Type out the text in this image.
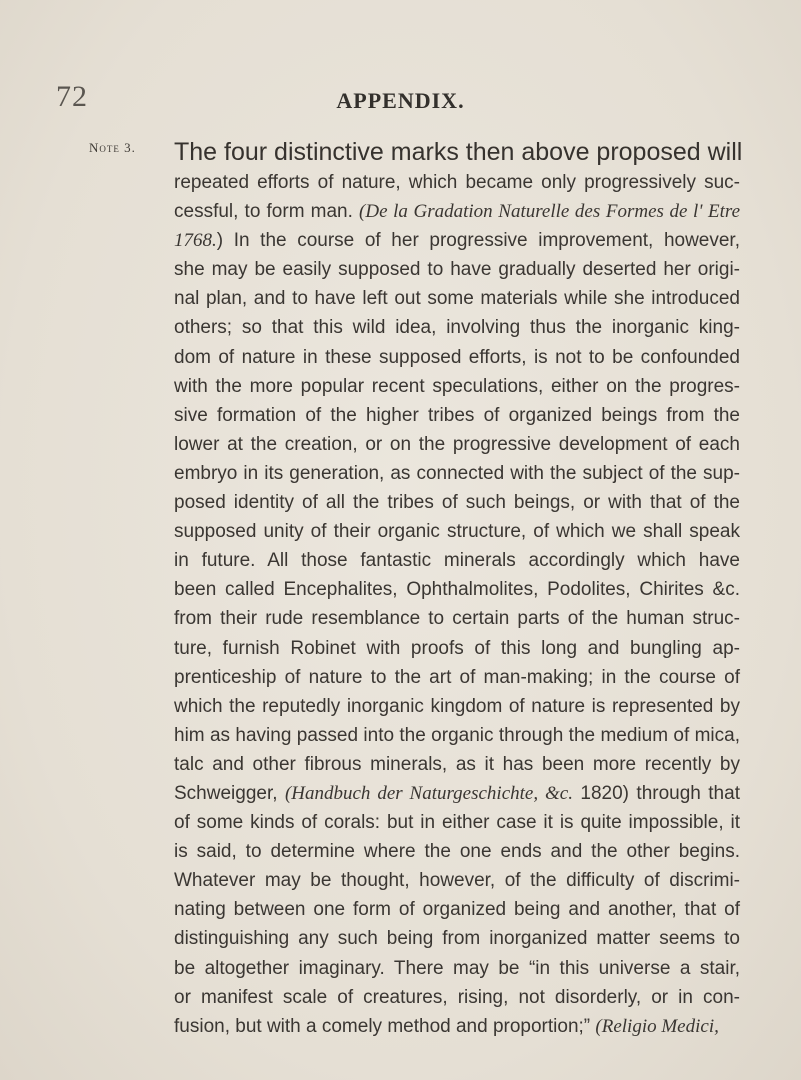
72	APPENDIX.
Note 3. The four distinctive marks then above proposed will
repeated efforts of nature, which became only progressively suc-
cessful, to form man. (De la Gradation Naturelle des Formes de l' Etre
1768.) In the course of her progressive improvement, however,
she may be easily supposed to have gradually deserted her origi-
nal plan, and to have left out some materials while she introduced
others; so that this wild idea, involving thus the inorganic king-
dom of nature in these supposed efforts, is not to be confounded
with the more popular recent speculations, either on the progres-
sive formation of the higher tribes of organized beings from the
lower at the creation, or on the progressive development of each
embryo in its generation, as connected with the subject of the sup-
posed identity of all the tribes of such beings, or with that of the
supposed unity of their organic structure, of which we shall speak
in future. All those fantastic minerals accordingly which have
been called Encephalites, Ophthalmolites, Podolites, Chirites &c.
from their rude resemblance to certain parts of the human struc-
ture, furnish Robinet with proofs of this long and bungling ap-
prenticeship of nature to the art of man-making; in the course of
which the reputedly inorganic kingdom of nature is represented by
him as having passed into the organic through the medium of mica,
talc and other fibrous minerals, as it has been more recently by
Schweigger, (Handbuch der Naturgeschichte, &c. 1820) through that
of some kinds of corals: but in either case it is quite impossible, it
is said, to determine where the one ends and the other begins.
Whatever may be thought, however, of the difficulty of discrimi-
nating between one form of organized being and another, that of
distinguishing any such being from inorganized matter seems to
be altogether imaginary. There may be “in this universe a stair,
or manifest scale of creatures, rising, not disorderly, or in con-
fusion, but with a comely method and proportion;” (Religio Medici,
